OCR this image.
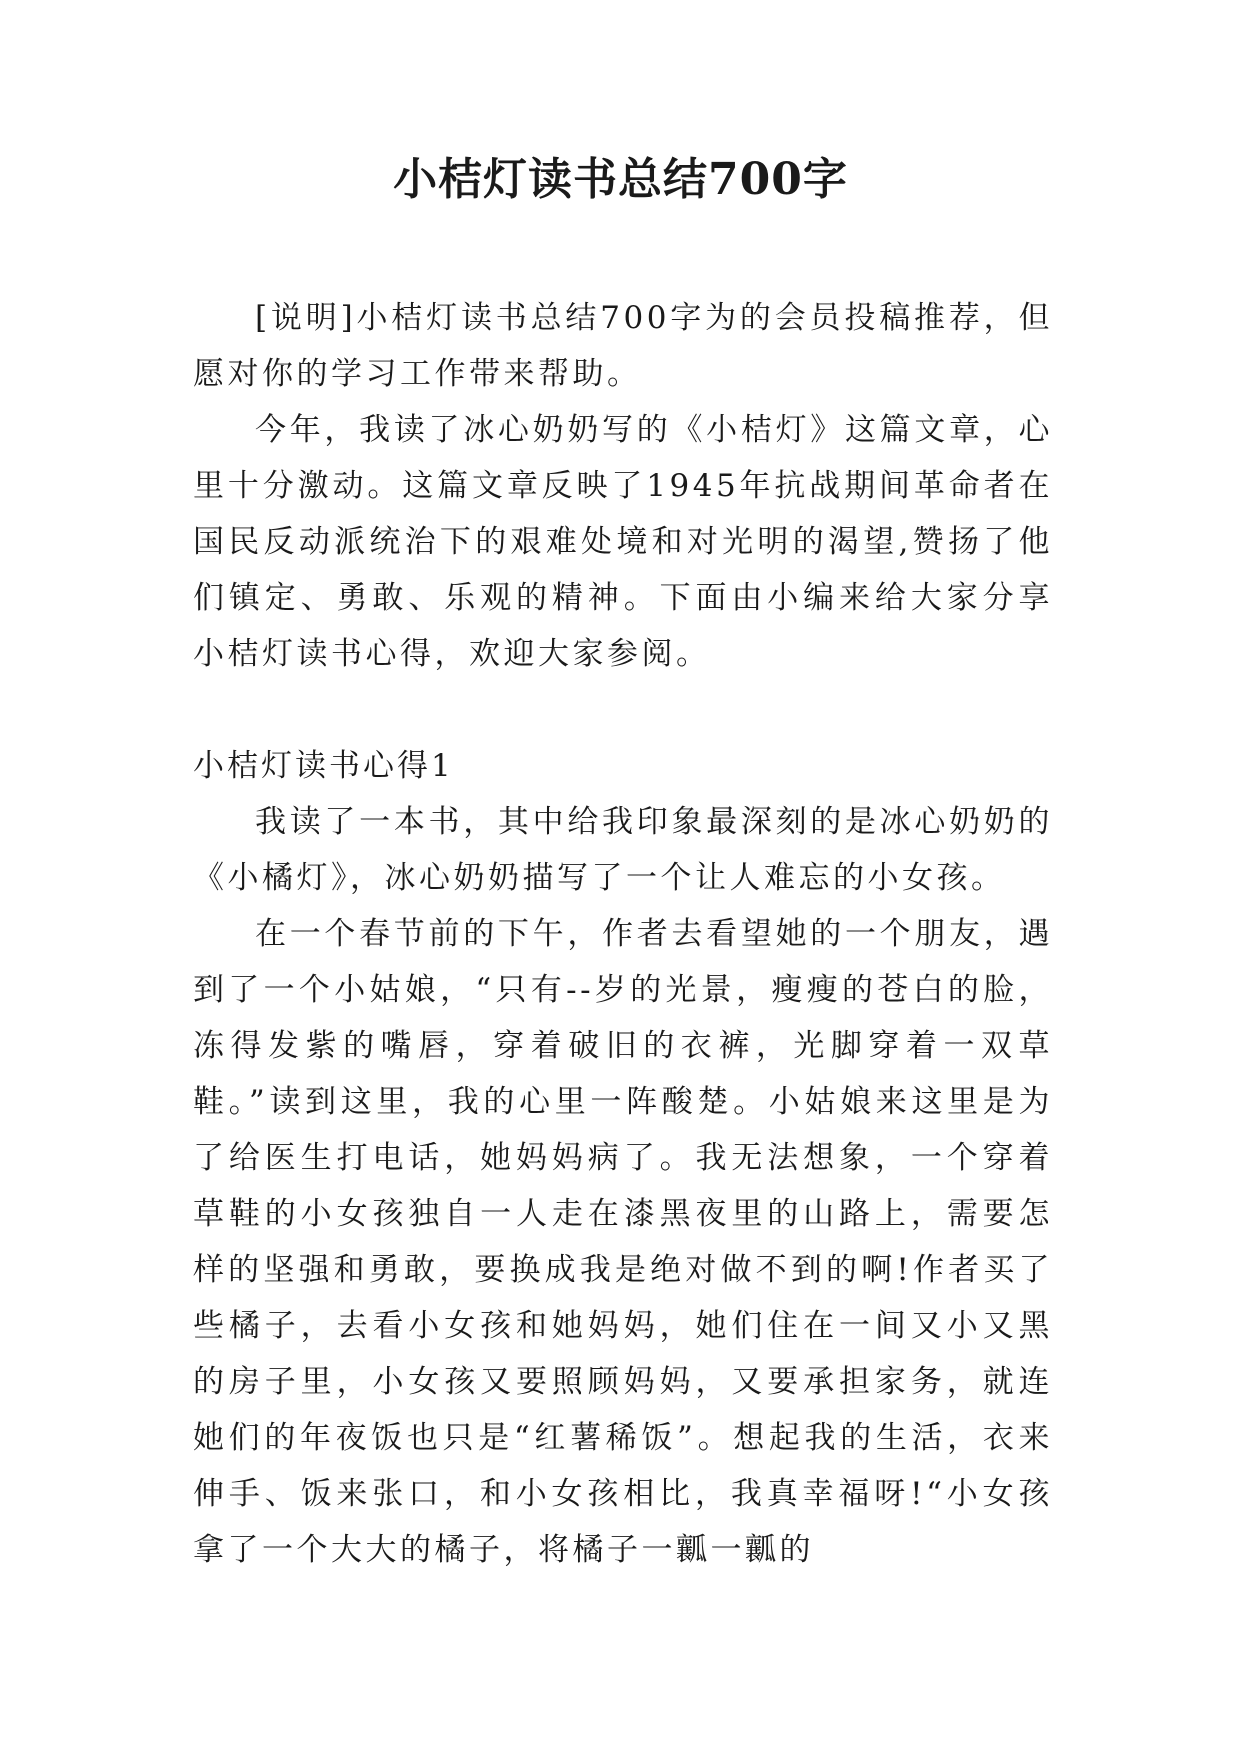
小桔灯读书总结700字

[说明]小桔灯读书总结700字为的会员投稿推荐，但愿对你的学习工作带来帮助。

今年，我读了冰心奶奶写的《小桔灯》这篇文章，心里十分激动。这篇文章反映了1945年抗战期间革命者在国民反动派统治下的艰难处境和对光明的渴望,赞扬了他们镇定、勇敢、乐观的精神。下面由小编来给大家分享小桔灯读书心得，欢迎大家参阅。

小桔灯读书心得1

我读了一本书，其中给我印象最深刻的是冰心奶奶的《小橘灯》，冰心奶奶描写了一个让人难忘的小女孩。

在一个春节前的下午，作者去看望她的一个朋友，遇到了一个小姑娘，“只有--岁的光景，瘦瘦的苍白的脸，冻得发紫的嘴唇，穿着破旧的衣裤，光脚穿着一双草鞋。”读到这里，我的心里一阵酸楚。小姑娘来这里是为了给医生打电话，她妈妈病了。我无法想象，一个穿着草鞋的小女孩独自一人走在漆黑夜里的山路上，需要怎样的坚强和勇敢，要换成我是绝对做不到的啊!作者买了些橘子，去看小女孩和她妈妈，她们住在一间又小又黑的房子里，小女孩又要照顾妈妈，又要承担家务，就连她们的年夜饭也只是“红薯稀饭”。想起我的生活，衣来伸手、饭来张口，和小女孩相比，我真幸福呀!“小女孩拿了一个大大的橘子，将橘子一瓤一瓤的
